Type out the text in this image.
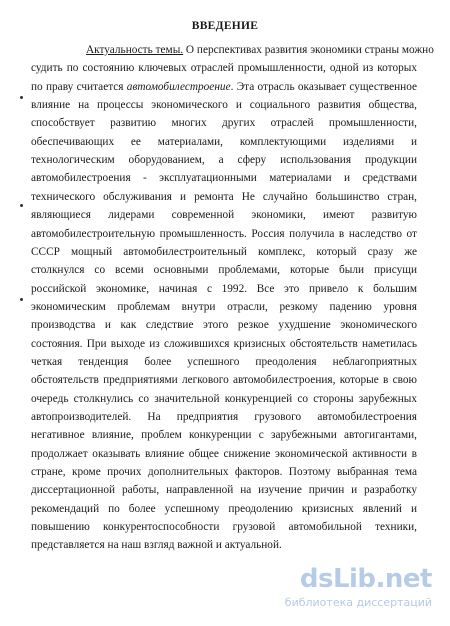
ВВЕДЕНИЕ
Актуальность темы. О перспективах развития экономики страны можно
судить по состоянию ключевых отраслей промышленности, одной из которых
по праву считается автомобилестроение. Эта отрасль оказывает существенное
влияние на процессы экономического и социального развития общества,
способствует развитию многих других отраслей промышленности,
обеспечивающих ее материалами, комплектующими изделиями и
технологическим оборудованием, а сферу использования продукции
автомобилестроения - эксплуатационными материалами и средствами
технического обслуживания и ремонта Не случайно большинство стран,
являющиеся лидерами современной экономики, имеют развитую
автомобилестроительную промышленность. Россия получила в наследство от
СССР мощный автомобилестроительный комплекс, который сразу же
столкнулся со всеми основными проблемами, которые были присущи
российской экономике, начиная с 1992. Все это привело к большим
экономическим проблемам внутри отрасли, резкому падению уровня
производства и как следствие этого резкое ухудшение экономического
состояния. При выходе из сложившихся кризисных обстоятельств наметилась
четкая тенденция более успешного преодоления неблагоприятных
обстоятельств предприятиями легкового автомобилестроения, которые в свою
очередь столкнулись со значительной конкуренцией со стороны зарубежных
автопроизводителей. На предприятия грузового автомобилестроения
негативное влияние, проблем конкуренции с зарубежными автогигантами,
продолжает оказывать влияние общее снижение экономической активности в
стране, кроме прочих дополнительных факторов. Поэтому выбранная тема
диссертационной работы, направленной на изучение причин и разработку
рекомендаций по более успешному преодолению кризисных явлений и
повышению конкурентоспособности грузовой автомобильной техники,
представляется на наш взгляд важной и актуальной.
dsLib.net
библиотека диссертаций
